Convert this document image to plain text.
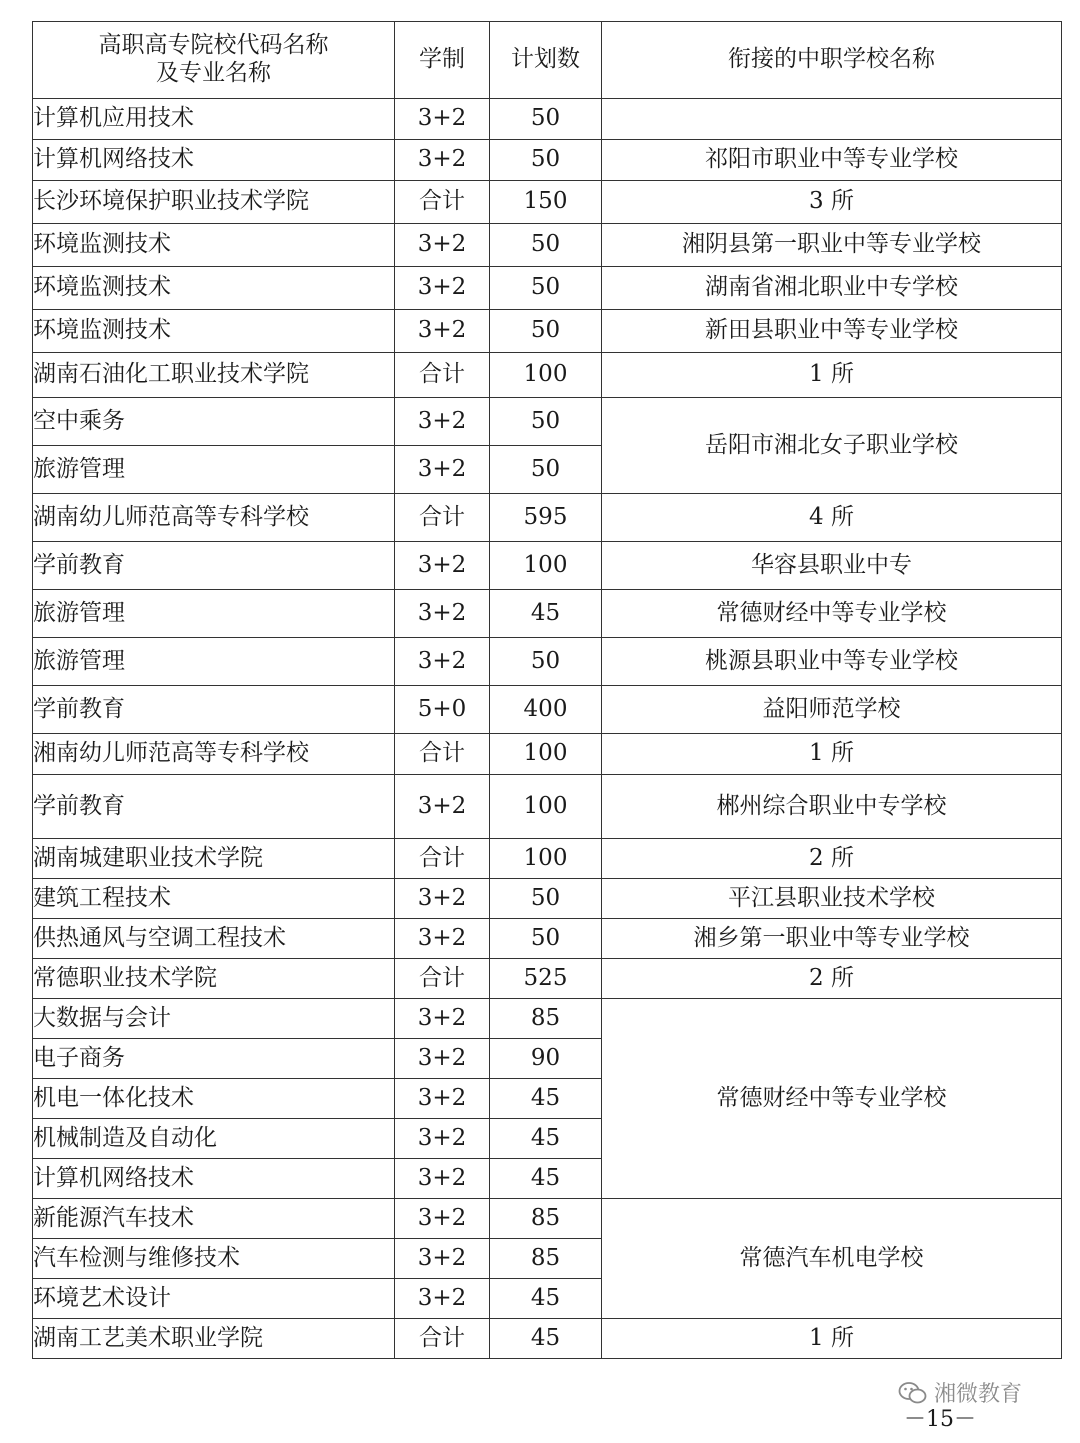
高职高专院校代码名称
及专业名称	学制	计划数	衔接的中职学校名称
计算机应用技术	3+2	50	
计算机网络技术	3+2	50	祁阳市职业中等专业学校
长沙环境保护职业技术学院	合计	150	3 所
环境监测技术	3+2	50	湘阴县第一职业中等专业学校
环境监测技术	3+2	50	湖南省湘北职业中专学校
环境监测技术	3+2	50	新田县职业中等专业学校
湖南石油化工职业技术学院	合计	100	1 所
空中乘务	3+2	50	岳阳市湘北女子职业学校
旅游管理	3+2	50	
湖南幼儿师范高等专科学校	合计	595	4 所
学前教育	3+2	100	华容县职业中专
旅游管理	3+2	45	常德财经中等专业学校
旅游管理	3+2	50	桃源县职业中等专业学校
学前教育	5+0	400	益阳师范学校
湘南幼儿师范高等专科学校	合计	100	1 所
学前教育	3+2	100	郴州综合职业中专学校
湖南城建职业技术学院	合计	100	2 所
建筑工程技术	3+2	50	平江县职业技术学校
供热通风与空调工程技术	3+2	50	湘乡第一职业中等专业学校
常德职业技术学院	合计	525	2 所
大数据与会计	3+2	85	常德财经中等专业学校
电子商务	3+2	90	
机电一体化技术	3+2	45	
机械制造及自动化	3+2	45	
计算机网络技术	3+2	45	
新能源汽车技术	3+2	85	常德汽车机电学校
汽车检测与维修技术	3+2	85	
环境艺术设计	3+2	45	
湖南工艺美术职业学院	合计	45	1 所
湘微教育
－15－
